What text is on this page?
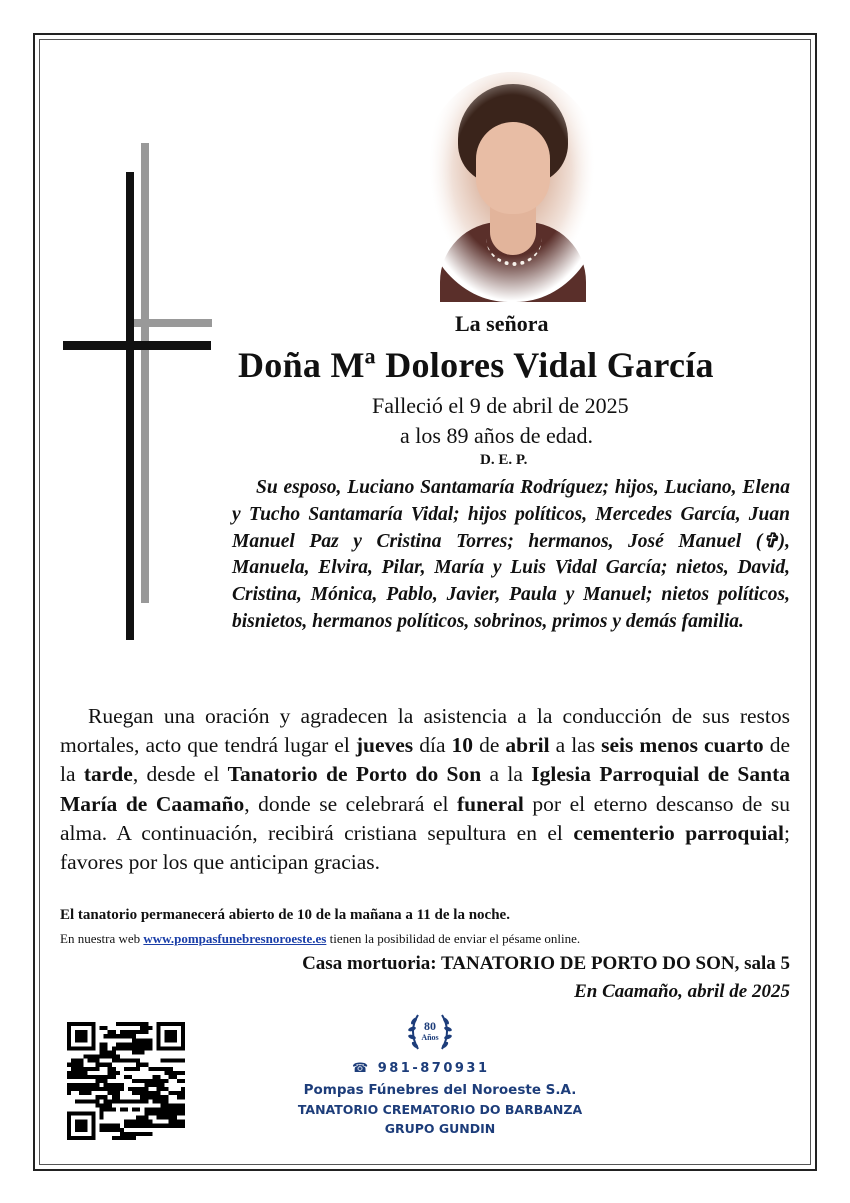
La señora
Doña Mª Dolores Vidal García
Falleció el 9 de abril de 2025
a los 89 años de edad.
D. E. P.
Su esposo, Luciano Santamaría Rodríguez; hijos, Luciano, Elena y Tucho Santamaría Vidal; hijos políticos, Mercedes García, Juan Manuel Paz y Cristina Torres; hermanos, José Manuel (✞), Manuela, Elvira, Pilar, María y Luis Vidal García; nietos, David, Cristina, Mónica, Pablo, Javier, Paula y Manuel; nietos políticos, bisnietos, hermanos políticos, sobrinos, primos y demás familia.
Ruegan una oración y agradecen la asistencia a la conducción de sus restos mortales, acto que tendrá lugar el jueves día 10 de abril a las seis menos cuarto de la tarde, desde el Tanatorio de Porto do Son a la Iglesia Parroquial de Santa María de Caamaño, donde se celebrará el funeral por el eterno descanso de su alma. A continuación, recibirá cristiana sepultura en el cementerio parroquial; favores por los que anticipan gracias.
El tanatorio permanecerá abierto de 10 de la mañana a 11 de la noche.
En nuestra web www.pompasfunebresnoroeste.es tienen la posibilidad de enviar el pésame online.
Casa mortuoria: TANATORIO DE PORTO DO SON, sala 5
En Caamaño, abril de 2025
80
Años
☎ 981-870931
Pompas Fúnebres del Noroeste S.A.
TANATORIO CREMATORIO DO BARBANZA
GRUPO GUNDIN
